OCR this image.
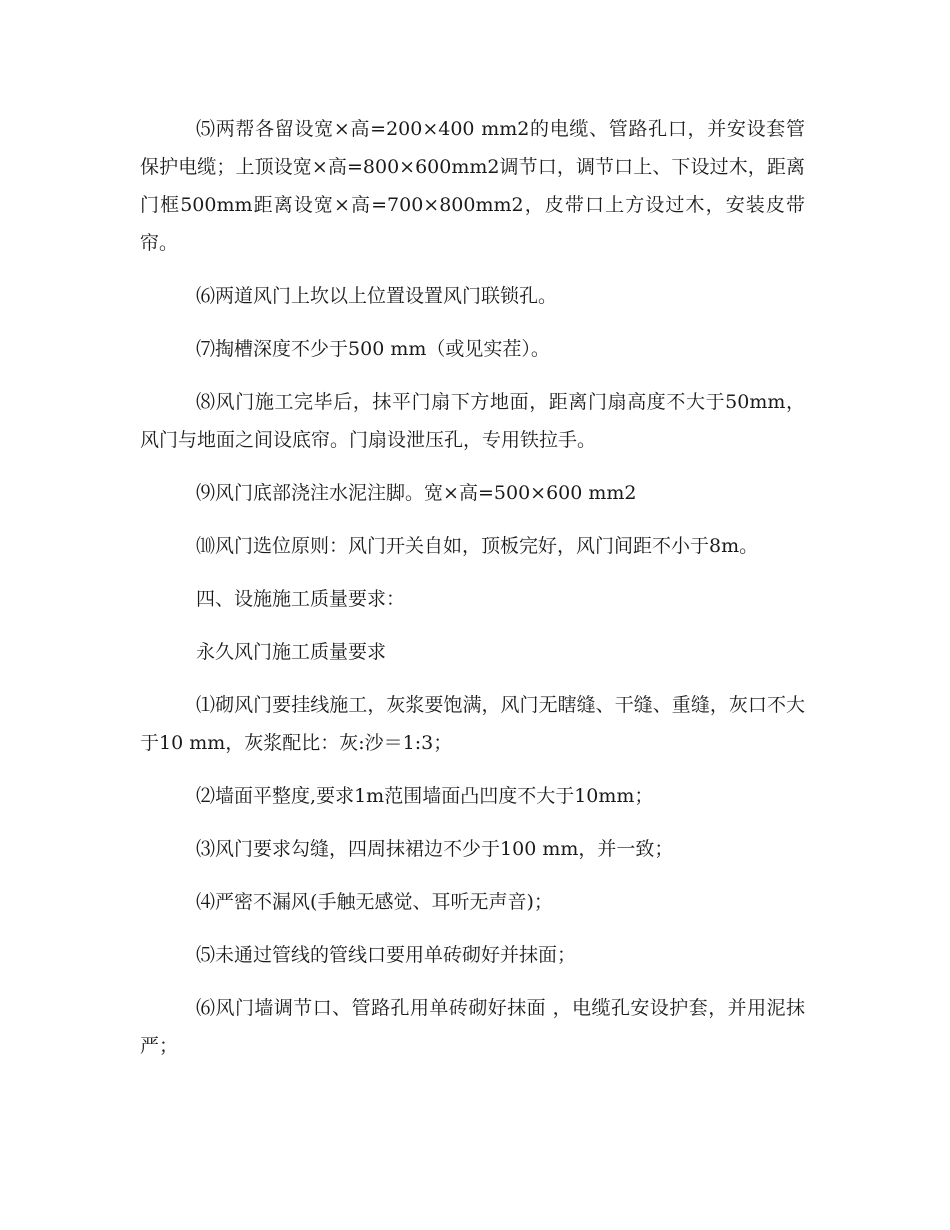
⑸两帮各留设宽×高=200×400 mm2的电缆、管路孔口，并安设套管保护电缆；上顶设宽×高=800×600mm2调节口，调节口上、下设过木，距离门框500mm距离设宽×高=700×800mm2，皮带口上方设过木，安装皮带帘。

⑹两道风门上坎以上位置设置风门联锁孔。

⑺掏槽深度不少于500 mm（或见实茬）。

⑻风门施工完毕后，抹平门扇下方地面，距离门扇高度不大于50mm，风门与地面之间设底帘。门扇设泄压孔，专用铁拉手。

⑼风门底部浇注水泥注脚。宽×高=500×600 mm2

⑽风门选位原则：风门开关自如，顶板完好，风门间距不小于8m。

四、设施施工质量要求：

永久风门施工质量要求

⑴砌风门要挂线施工，灰浆要饱满，风门无瞎缝、干缝、重缝，灰口不大于10 mm，灰浆配比：灰:沙＝1:3；

⑵墙面平整度,要求1m范围墙面凸凹度不大于10mm；

⑶风门要求勾缝，四周抹裙边不少于100 mm，并一致；

⑷严密不漏风(手触无感觉、耳听无声音)；

⑸未通过管线的管线口要用单砖砌好并抹面；

⑹风门墙调节口、管路孔用单砖砌好抹面 ，电缆孔安设护套，并用泥抹严；
